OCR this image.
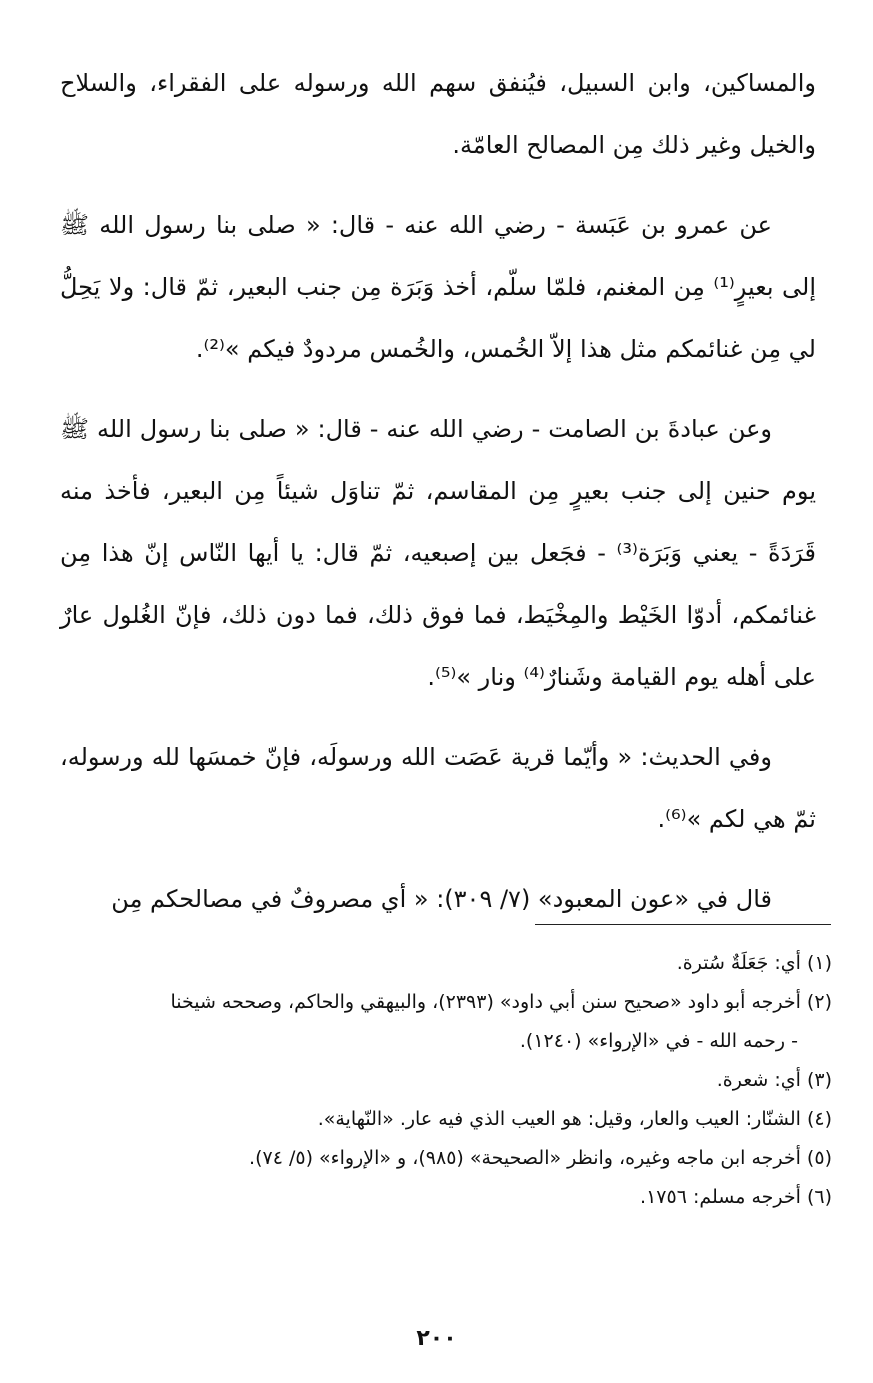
والمساكين، وابن السبيل، فيُنفق سهم الله ورسوله على الفقراء، والسلاح والخيل وغير ذلك مِن المصالح العامّة.

عن عمرو بن عَبَسة - رضي الله عنه - قال: « صلى بنا رسول الله ﷺ إلى بعيرٍ⁽¹⁾ مِن المغنم، فلمّا سلّم، أخذ وَبَرَة مِن جنب البعير، ثمّ قال: ولا يَحِلُّ لي مِن غنائمكم مثل هذا إلاّ الخُمس، والخُمس مردودٌ فيكم »⁽²⁾.

وعن عبادةَ بن الصامت - رضي الله عنه - قال: « صلى بنا رسول الله ﷺ يوم حنين إلى جنب بعيرٍ مِن المقاسم، ثمّ تناوَل شيئاً مِن البعير، فأخذ منه قَرَدَةً - يعني وَبَرَة⁽³⁾ - فجَعل بين إصبعيه، ثمّ قال: يا أيها النّاس إنّ هذا مِن غنائمكم، أدوّا الخَيْط والمِخْيَط، فما فوق ذلك، فما دون ذلك، فإنّ الغُلول عارٌ على أهله يوم القيامة وشَنارٌ⁽⁴⁾ ونار »⁽⁵⁾.

وفي الحديث: « وأيّما قرية عَصَت الله ورسولَه، فإنّ خمسَها لله ورسوله، ثمّ هي لكم »⁽⁶⁾.

قال في «عون المعبود» (٧/ ٣٠٩): « أي مصروفٌ في مصالحكم مِن

(١) أي: جَعَلَةٌ سُترة.

(٢) أخرجه أبو داود «صحيح سنن أبي داود» (٢٣٩٣)، والبيهقي والحاكم، وصححه شيخنا

- رحمه الله - في «الإرواء» (١٢٤٠).

(٣) أي: شعرة.

(٤) الشنّار: العيب والعار، وقيل: هو العيب الذي فيه عار. «النّهاية».

(٥) أخرجه ابن ماجه وغيره، وانظر «الصحيحة» (٩٨٥)، و «الإرواء» (٥/ ٧٤).

(٦) أخرجه مسلم: ١٧٥٦.

٢٠٠
